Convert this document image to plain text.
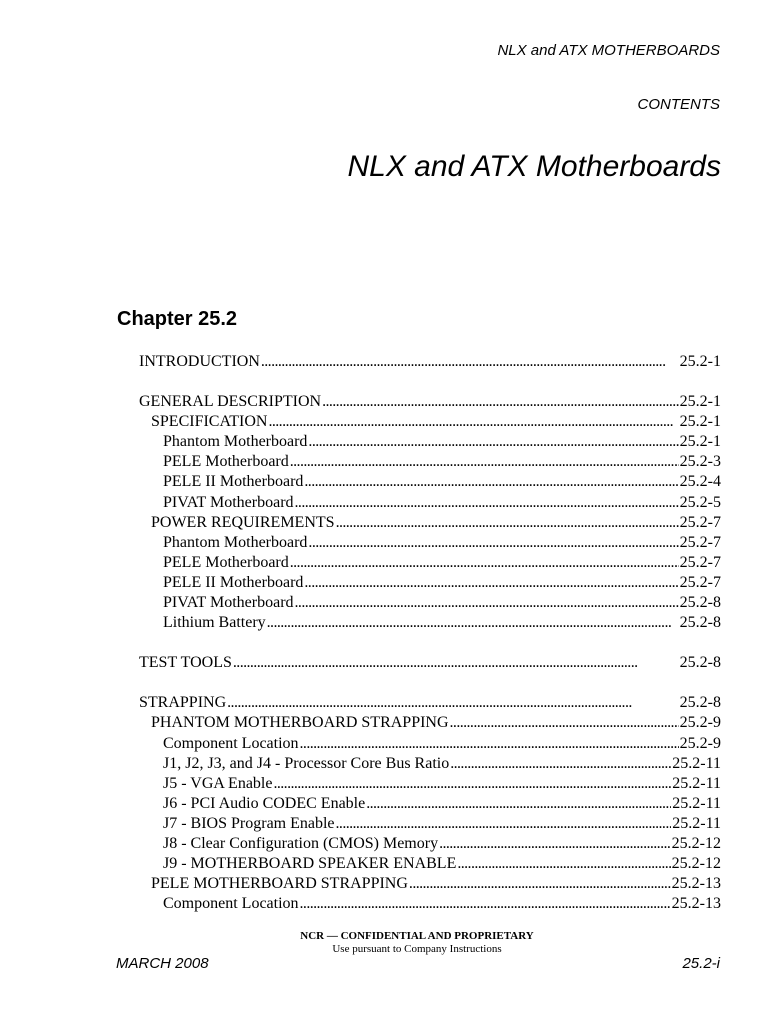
NLX and ATX MOTHERBOARDS
CONTENTS
NLX and ATX Motherboards
Chapter 25.2
INTRODUCTION . . .	25.2-1
GENERAL DESCRIPTION . . .	25.2-1
SPECIFICATION . . .	25.2-1
Phantom Motherboard . . .	25.2-1
PELE Motherboard . . .	25.2-3
PELE II Motherboard . . .	25.2-4
PIVAT Motherboard . . .	25.2-5
POWER REQUIREMENTS . . .	25.2-7
Phantom Motherboard . . .	25.2-7
PELE Motherboard . . .	25.2-7
PELE II Motherboard . . .	25.2-7
PIVAT Motherboard . . .	25.2-8
Lithium Battery . . .	25.2-8
TEST TOOLS . . .	25.2-8
STRAPPING . . .	25.2-8
PHANTOM MOTHERBOARD STRAPPING . . .	25.2-9
Component Location . . .	25.2-9
J1, J2, J3, and J4 - Processor Core Bus Ratio . . .	25.2-11
J5 - VGA Enable . . .	25.2-11
J6 - PCI Audio CODEC Enable . . .	25.2-11
J7 - BIOS Program Enable . . .	25.2-11
J8 - Clear Configuration (CMOS) Memory . . .	25.2-12
J9 - MOTHERBOARD SPEAKER ENABLE . . .	25.2-12
PELE MOTHERBOARD STRAPPING . . .	25.2-13
Component Location . . .	25.2-13
NCR — CONFIDENTIAL AND PROPRIETARY
Use pursuant to Company Instructions
MARCH 2008	25.2-i
